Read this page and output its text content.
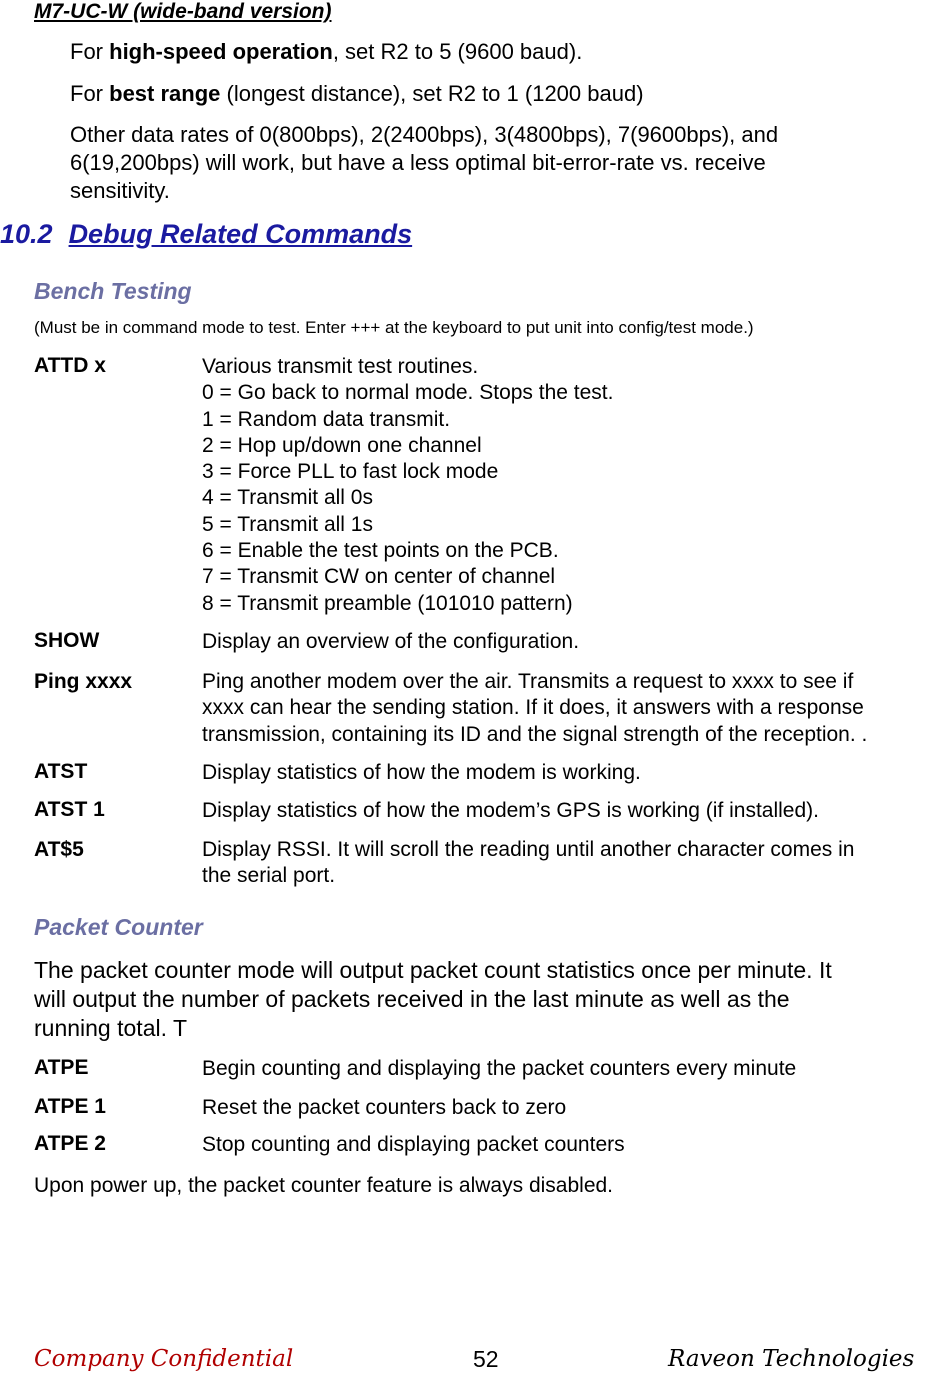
M7-UC-W (wide-band version)
For high-speed operation, set R2 to 5 (9600 baud).
For best range (longest distance), set R2 to 1 (1200 baud)
Other data rates of 0(800bps), 2(2400bps), 3(4800bps), 7(9600bps), and
6(19,200bps) will work, but have a less optimal bit-error-rate vs. receive
sensitivity.
10.2 Debug Related Commands
Bench Testing
(Must be in command mode to test. Enter +++ at the keyboard to put unit into config/test mode.)
ATTD x	Various transmit test routines.
0 = Go back to normal mode. Stops the test.
1 = Random data transmit.
2 = Hop up/down one channel
3 = Force PLL to fast lock mode
4 = Transmit all 0s
5 = Transmit all 1s
6 = Enable the test points on the PCB.
7 = Transmit CW on center of channel
8 = Transmit preamble (101010 pattern)
SHOW	Display an overview of the configuration.
Ping xxxx	Ping another modem over the air. Transmits a request to xxxx to see if
xxxx can hear the sending station. If it does, it answers with a response
transmission, containing its ID and the signal strength of the reception. .
ATST	Display statistics of how the modem is working.
ATST 1	Display statistics of how the modem’s GPS is working (if installed).
AT$5	Display RSSI. It will scroll the reading until another character comes in
the serial port.
Packet Counter
The packet counter mode will output packet count statistics once per minute. It
will output the number of packets received in the last minute as well as the
running total. T
ATPE	Begin counting and displaying the packet counters every minute
ATPE 1	Reset the packet counters back to zero
ATPE 2	Stop counting and displaying packet counters
Upon power up, the packet counter feature is always disabled.
Company Confidential	52	Raveon Technologies
